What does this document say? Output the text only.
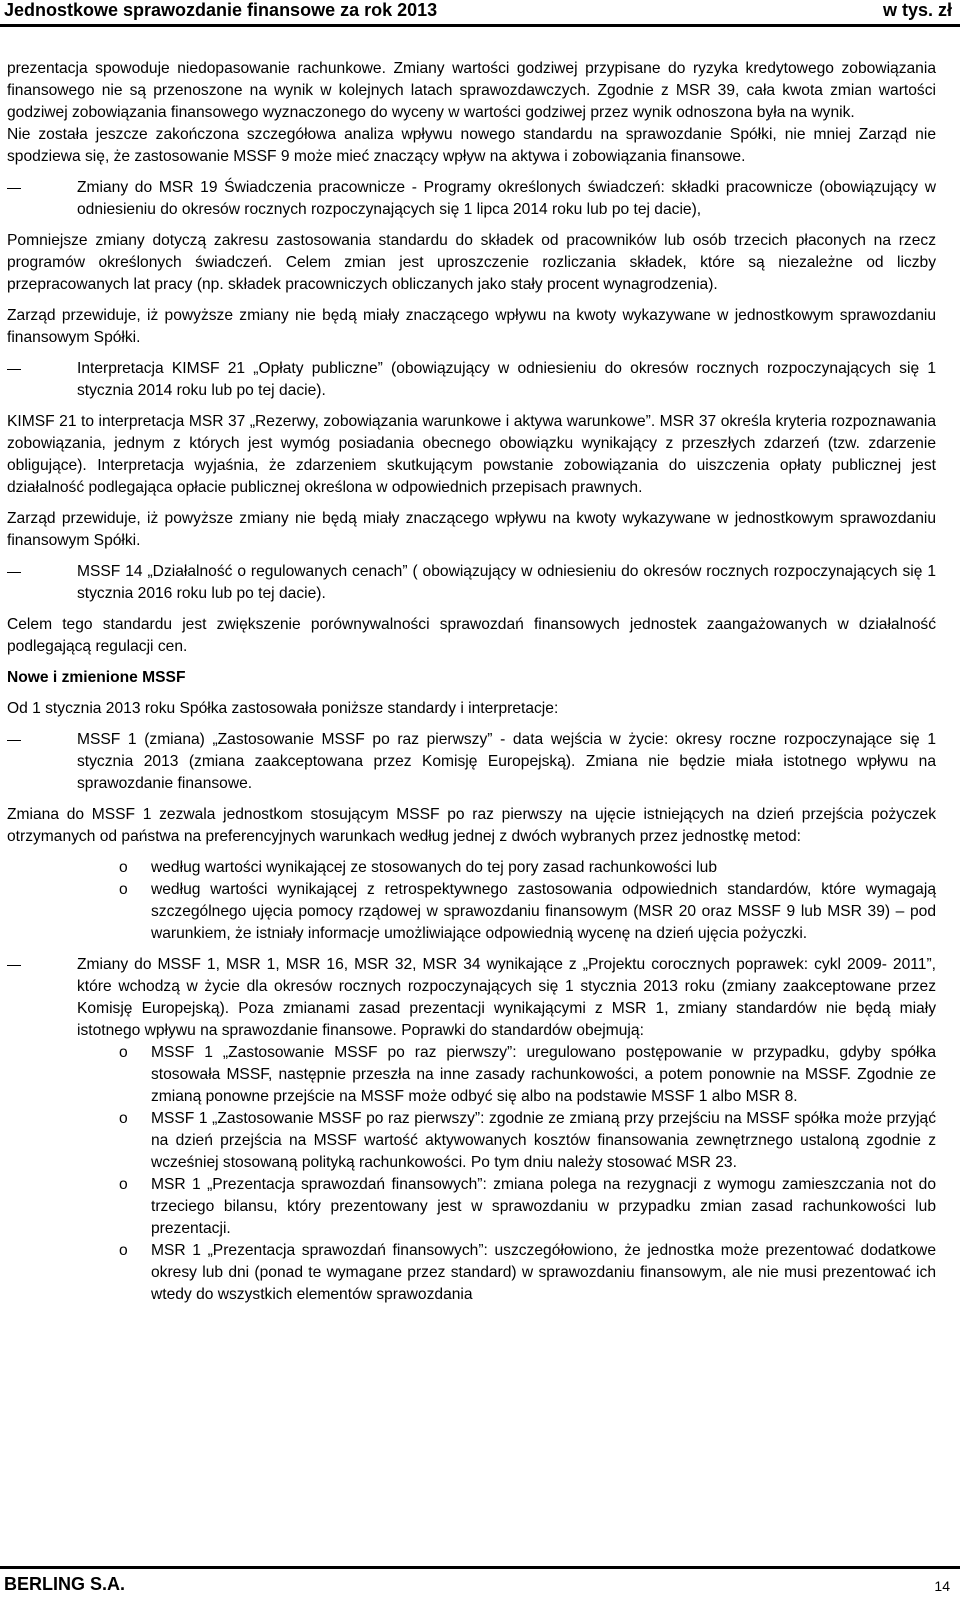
Jednostkowe sprawozdanie finansowe za rok 2013	w tys. zł
prezentacja spowoduje niedopasowanie rachunkowe. Zmiany wartości godziwej przypisane do ryzyka kredytowego zobowiązania finansowego nie są przenoszone na wynik w kolejnych latach sprawozdawczych. Zgodnie z MSR 39, cała kwota zmian wartości godziwej zobowiązania finansowego wyznaczonego do wyceny w wartości godziwej przez wynik odnoszona była na wynik.
Nie została jeszcze zakończona szczegółowa analiza wpływu nowego standardu na sprawozdanie Spółki, nie mniej Zarząd nie spodziewa się, że zastosowanie MSSF 9 może mieć znaczący wpływ na aktywa i zobowiązania finansowe.
Zmiany do MSR 19 Świadczenia pracownicze - Programy określonych świadczeń: składki pracownicze (obowiązujący w odniesieniu do okresów rocznych rozpoczynających się 1 lipca 2014 roku lub po tej dacie),
Pomniejsze zmiany dotyczą zakresu zastosowania standardu do składek od pracowników lub osób trzecich płaconych na rzecz programów określonych świadczeń. Celem zmian jest uproszczenie rozliczania składek, które są niezależne od liczby przepracowanych lat pracy (np. składek pracowniczych obliczanych jako stały procent wynagrodzenia).
Zarząd przewiduje, iż powyższe zmiany nie będą miały znaczącego wpływu na kwoty wykazywane w jednostkowym sprawozdaniu finansowym Spółki.
Interpretacja KIMSF 21 „Opłaty publiczne” (obowiązujący w odniesieniu do okresów rocznych rozpoczynających się 1 stycznia 2014 roku lub po tej dacie).
KIMSF 21 to interpretacja MSR 37 „Rezerwy, zobowiązania warunkowe i aktywa warunkowe”. MSR 37 określa kryteria rozpoznawania zobowiązania, jednym z których jest wymóg posiadania obecnego obowiązku wynikający z przeszłych zdarzeń (tzw. zdarzenie obligujące). Interpretacja wyjaśnia, że zdarzeniem skutkującym powstanie zobowiązania do uiszczenia opłaty publicznej jest działalność podlegająca opłacie publicznej określona w odpowiednich przepisach prawnych.
Zarząd przewiduje, iż powyższe zmiany nie będą miały znaczącego wpływu na kwoty wykazywane w jednostkowym sprawozdaniu finansowym Spółki.
MSSF 14 „Działalność o regulowanych cenach” ( obowiązujący w odniesieniu do okresów rocznych rozpoczynających się 1 stycznia 2016 roku lub po tej dacie).
Celem tego standardu jest zwiększenie porównywalności sprawozdań finansowych jednostek zaangażowanych w działalność podlegającą regulacji cen.
Nowe i zmienione MSSF
Od 1 stycznia 2013 roku Spółka zastosowała poniższe standardy i interpretacje:
MSSF 1 (zmiana) „Zastosowanie MSSF po raz pierwszy” - data wejścia w życie: okresy roczne rozpoczynające się 1 stycznia 2013 (zmiana zaakceptowana przez Komisję Europejską). Zmiana nie będzie miała istotnego wpływu na sprawozdanie finansowe.
Zmiana do MSSF 1 zezwala jednostkom stosującym MSSF po raz pierwszy na ujęcie istniejących na dzień przejścia pożyczek otrzymanych od państwa na preferencyjnych warunkach według jednej z dwóch wybranych przez jednostkę metod:
o według wartości wynikającej ze stosowanych do tej pory zasad rachunkowości lub
o według wartości wynikającej z retrospektywnego zastosowania odpowiednich standardów, które wymagają szczególnego ujęcia pomocy rządowej w sprawozdaniu finansowym (MSR 20 oraz MSSF 9 lub MSR 39) – pod warunkiem, że istniały informacje umożliwiające odpowiednią wycenę na dzień ujęcia pożyczki.
Zmiany do MSSF 1, MSR 1, MSR 16, MSR 32, MSR 34 wynikające z „Projektu corocznych poprawek: cykl 2009- 2011”, które wchodzą w życie dla okresów rocznych rozpoczynających się 1 stycznia 2013 roku (zmiany zaakceptowane przez Komisję Europejską). Poza zmianami zasad prezentacji wynikającymi z MSR 1, zmiany standardów nie będą miały istotnego wpływu na sprawozdanie finansowe. Poprawki do standardów obejmują:
o MSSF 1 „Zastosowanie MSSF po raz pierwszy”: uregulowano postępowanie w przypadku, gdyby spółka stosowała MSSF, następnie przeszła na inne zasady rachunkowości, a potem ponownie na MSSF. Zgodnie ze zmianą ponowne przejście na MSSF może odbyć się albo na podstawie MSSF 1 albo MSR 8.
o MSSF 1 „Zastosowanie MSSF po raz pierwszy”: zgodnie ze zmianą przy przejściu na MSSF spółka może przyjąć na dzień przejścia na MSSF wartość aktywowanych kosztów finansowania zewnętrznego ustaloną zgodnie z wcześniej stosowaną polityką rachunkowości. Po tym dniu należy stosować MSR 23.
o MSR 1 „Prezentacja sprawozdań finansowych”: zmiana polega na rezygnacji z wymogu zamieszczania not do trzeciego bilansu, który prezentowany jest w sprawozdaniu w przypadku zmian zasad rachunkowości lub prezentacji.
o MSR 1 „Prezentacja sprawozdań finansowych”: uszczegółowiono, że jednostka może prezentować dodatkowe okresy lub dni (ponad te wymagane przez standard) w sprawozdaniu finansowym, ale nie musi prezentować ich wtedy do wszystkich elementów sprawozdania
BERLING S.A.	14
